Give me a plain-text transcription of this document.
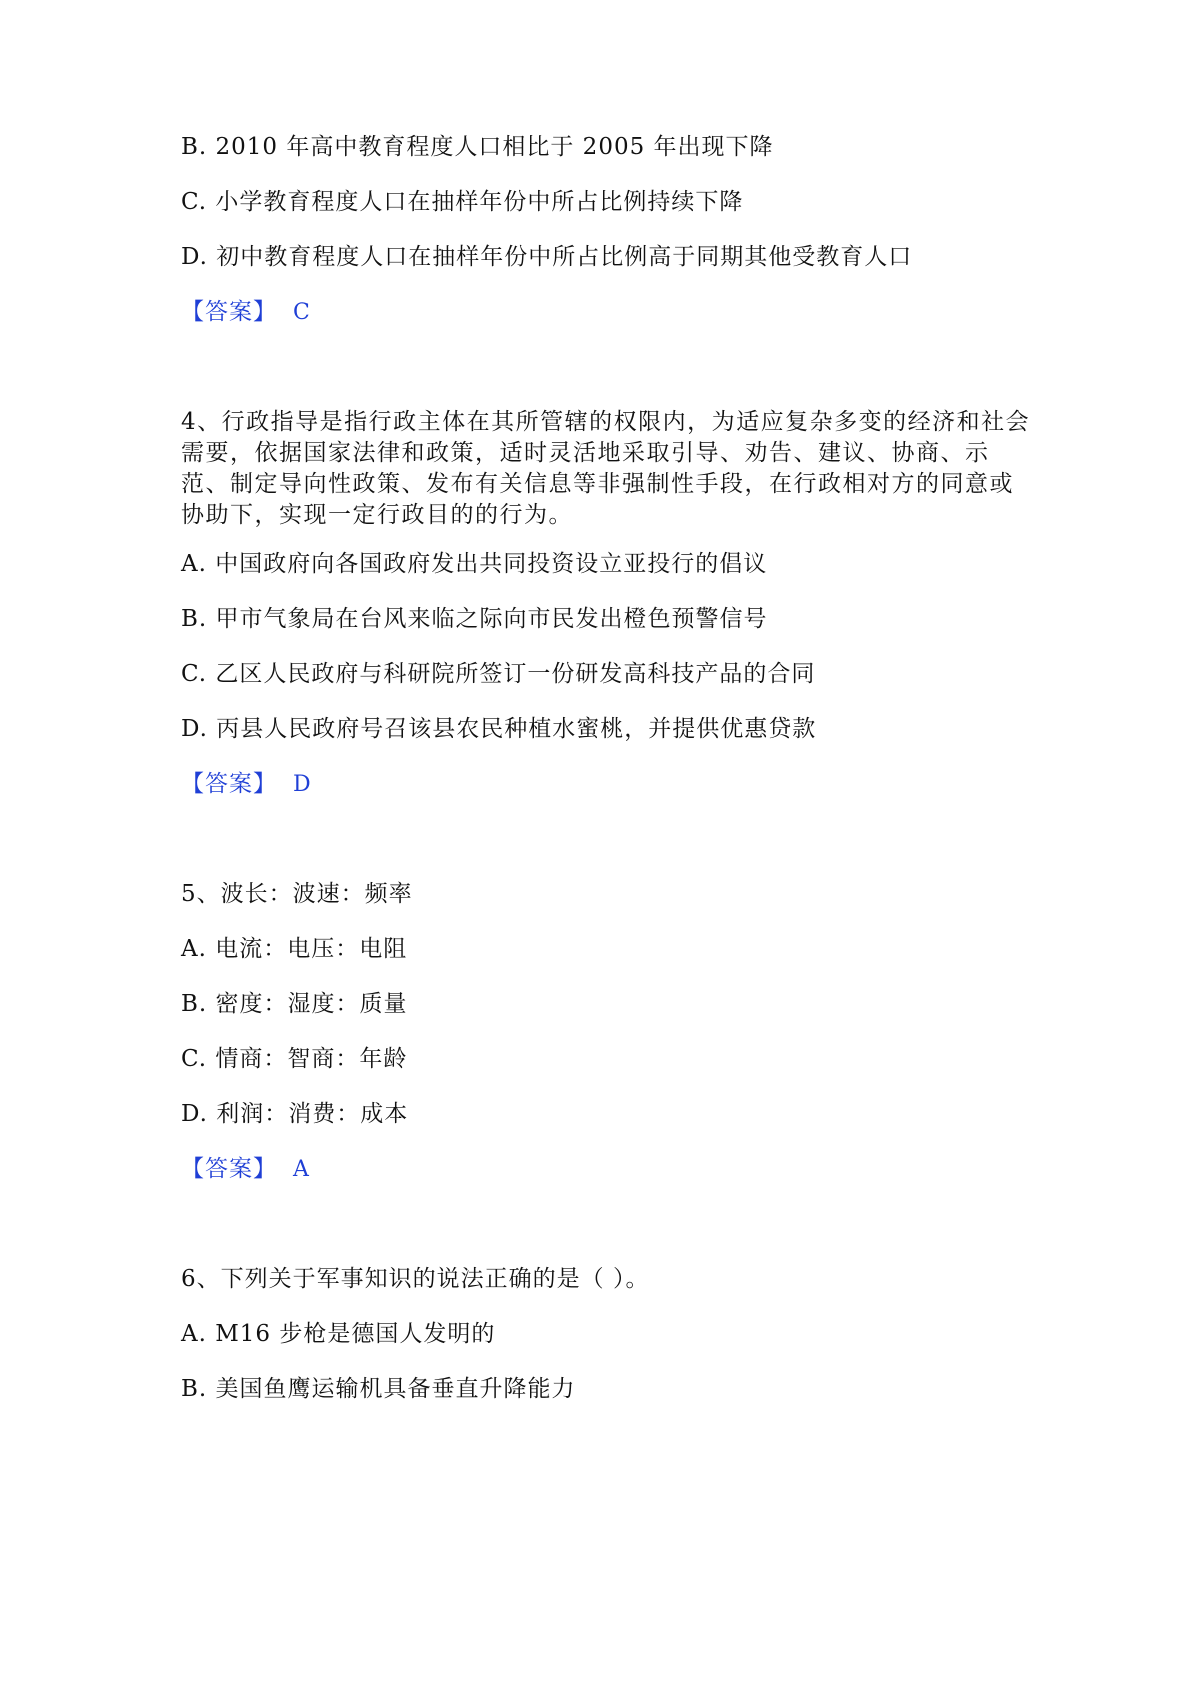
B. 2010 年高中教育程度人口相比于 2005 年出现下降
C. 小学教育程度人口在抽样年份中所占比例持续下降
D. 初中教育程度人口在抽样年份中所占比例高于同期其他受教育人口
【答案】 C
4、行政指导是指行政主体在其所管辖的权限内，为适应复杂多变的经济和社会
需要，依据国家法律和政策，适时灵活地采取引导、劝告、建议、协商、示
范、制定导向性政策、发布有关信息等非强制性手段，在行政相对方的同意或
协助下，实现一定行政目的的行为。
A. 中国政府向各国政府发出共同投资设立亚投行的倡议
B. 甲市气象局在台风来临之际向市民发出橙色预警信号
C. 乙区人民政府与科研院所签订一份研发高科技产品的合同
D. 丙县人民政府号召该县农民种植水蜜桃，并提供优惠贷款
【答案】 D
5、波长：波速：频率
A. 电流：电压：电阻
B. 密度：湿度：质量
C. 情商：智商：年龄
D. 利润：消费：成本
【答案】 A
6、下列关于军事知识的说法正确的是（ ）。
A. M16 步枪是德国人发明的
B. 美国鱼鹰运输机具备垂直升降能力
